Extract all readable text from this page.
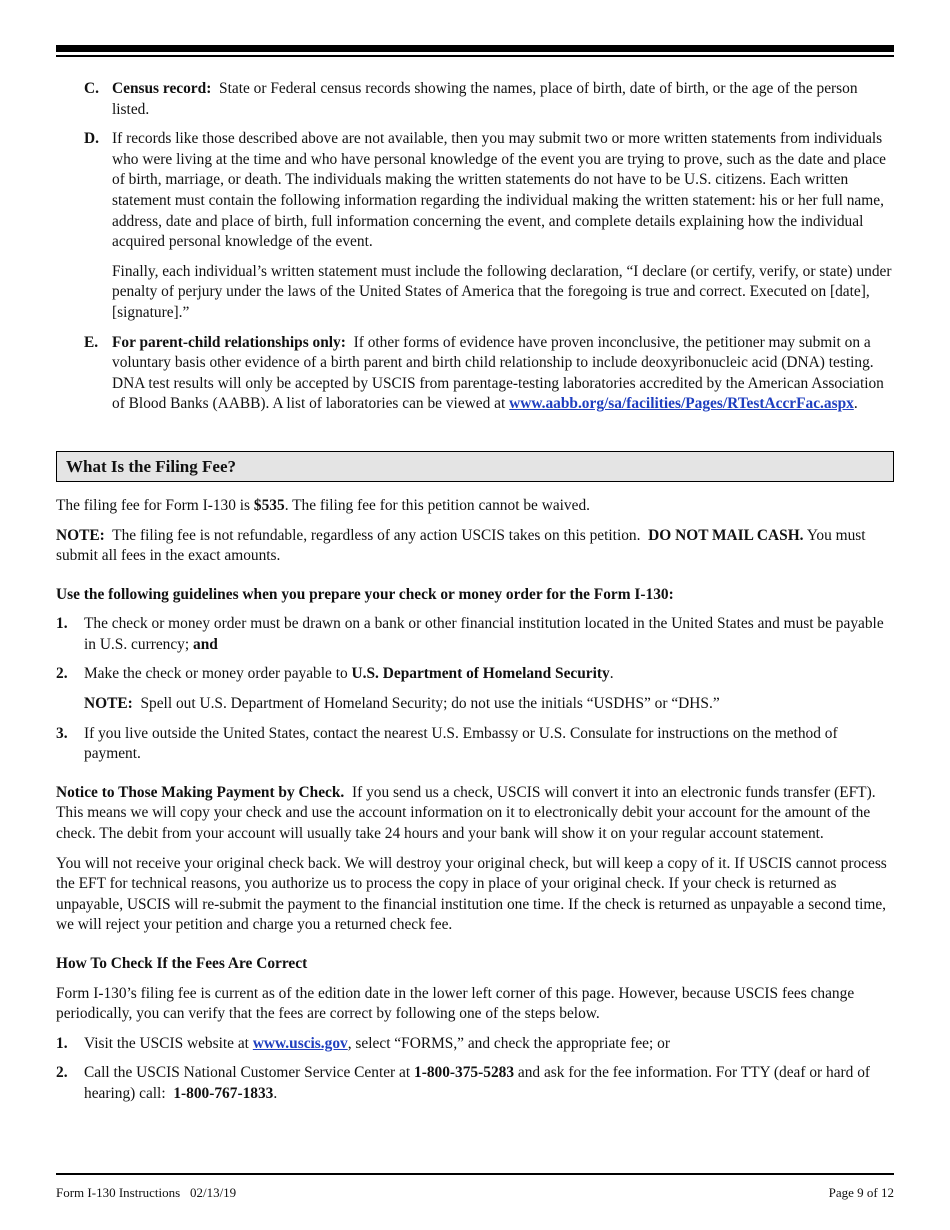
C. Census record: State or Federal census records showing the names, place of birth, date of birth, or the age of the person listed.
D. If records like those described above are not available, then you may submit two or more written statements from individuals who were living at the time and who have personal knowledge of the event you are trying to prove, such as the date and place of birth, marriage, or death. The individuals making the written statements do not have to be U.S. citizens. Each written statement must contain the following information regarding the individual making the written statement: his or her full name, address, date and place of birth, full information concerning the event, and complete details explaining how the individual acquired personal knowledge of the event.

Finally, each individual’s written statement must include the following declaration, “I declare (or certify, verify, or state) under penalty of perjury under the laws of the United States of America that the foregoing is true and correct. Executed on [date], [signature].”

E. For parent-child relationships only: If other forms of evidence have proven inconclusive, the petitioner may submit on a voluntary basis other evidence of a birth parent and birth child relationship to include deoxyribonucleic acid (DNA) testing. DNA test results will only be accepted by USCIS from parentage-testing laboratories accredited by the American Association of Blood Banks (AABB). A list of laboratories can be viewed at www.aabb.org/sa/facilities/Pages/RTestAccrFac.aspx.
What Is the Filing Fee?

The filing fee for Form I-130 is $535. The filing fee for this petition cannot be waived.

NOTE: The filing fee is not refundable, regardless of any action USCIS takes on this petition. DO NOT MAIL CASH. You must submit all fees in the exact amounts.

Use the following guidelines when you prepare your check or money order for the Form I-130:
1. The check or money order must be drawn on a bank or other financial institution located in the United States and must be payable in U.S. currency; and
2. Make the check or money order payable to U.S. Department of Homeland Security.

NOTE: Spell out U.S. Department of Homeland Security; do not use the initials “USDHS” or “DHS.”

3. If you live outside the United States, contact the nearest U.S. Embassy or U.S. Consulate for instructions on the method of payment.

Notice to Those Making Payment by Check. If you send us a check, USCIS will convert it into an electronic funds transfer (EFT). This means we will copy your check and use the account information on it to electronically debit your account for the amount of the check. The debit from your account will usually take 24 hours and your bank will show it on your regular account statement.

You will not receive your original check back. We will destroy your original check, but will keep a copy of it. If USCIS cannot process the EFT for technical reasons, you authorize us to process the copy in place of your original check. If your check is returned as unpayable, USCIS will re-submit the payment to the financial institution one time. If the check is returned as unpayable a second time, we will reject your petition and charge you a returned check fee.

How To Check If the Fees Are Correct

Form I-130’s filing fee is current as of the edition date in the lower left corner of this page. However, because USCIS fees change periodically, you can verify that the fees are correct by following one of the steps below.

1. Visit the USCIS website at www.uscis.gov, select “FORMS,” and check the appropriate fee; or
2. Call the USCIS National Customer Service Center at 1-800-375-5283 and ask for the fee information. For TTY (deaf or hard of hearing) call: 1-800-767-1833.
Form I-130 Instructions   02/13/19	Page 9 of 12
